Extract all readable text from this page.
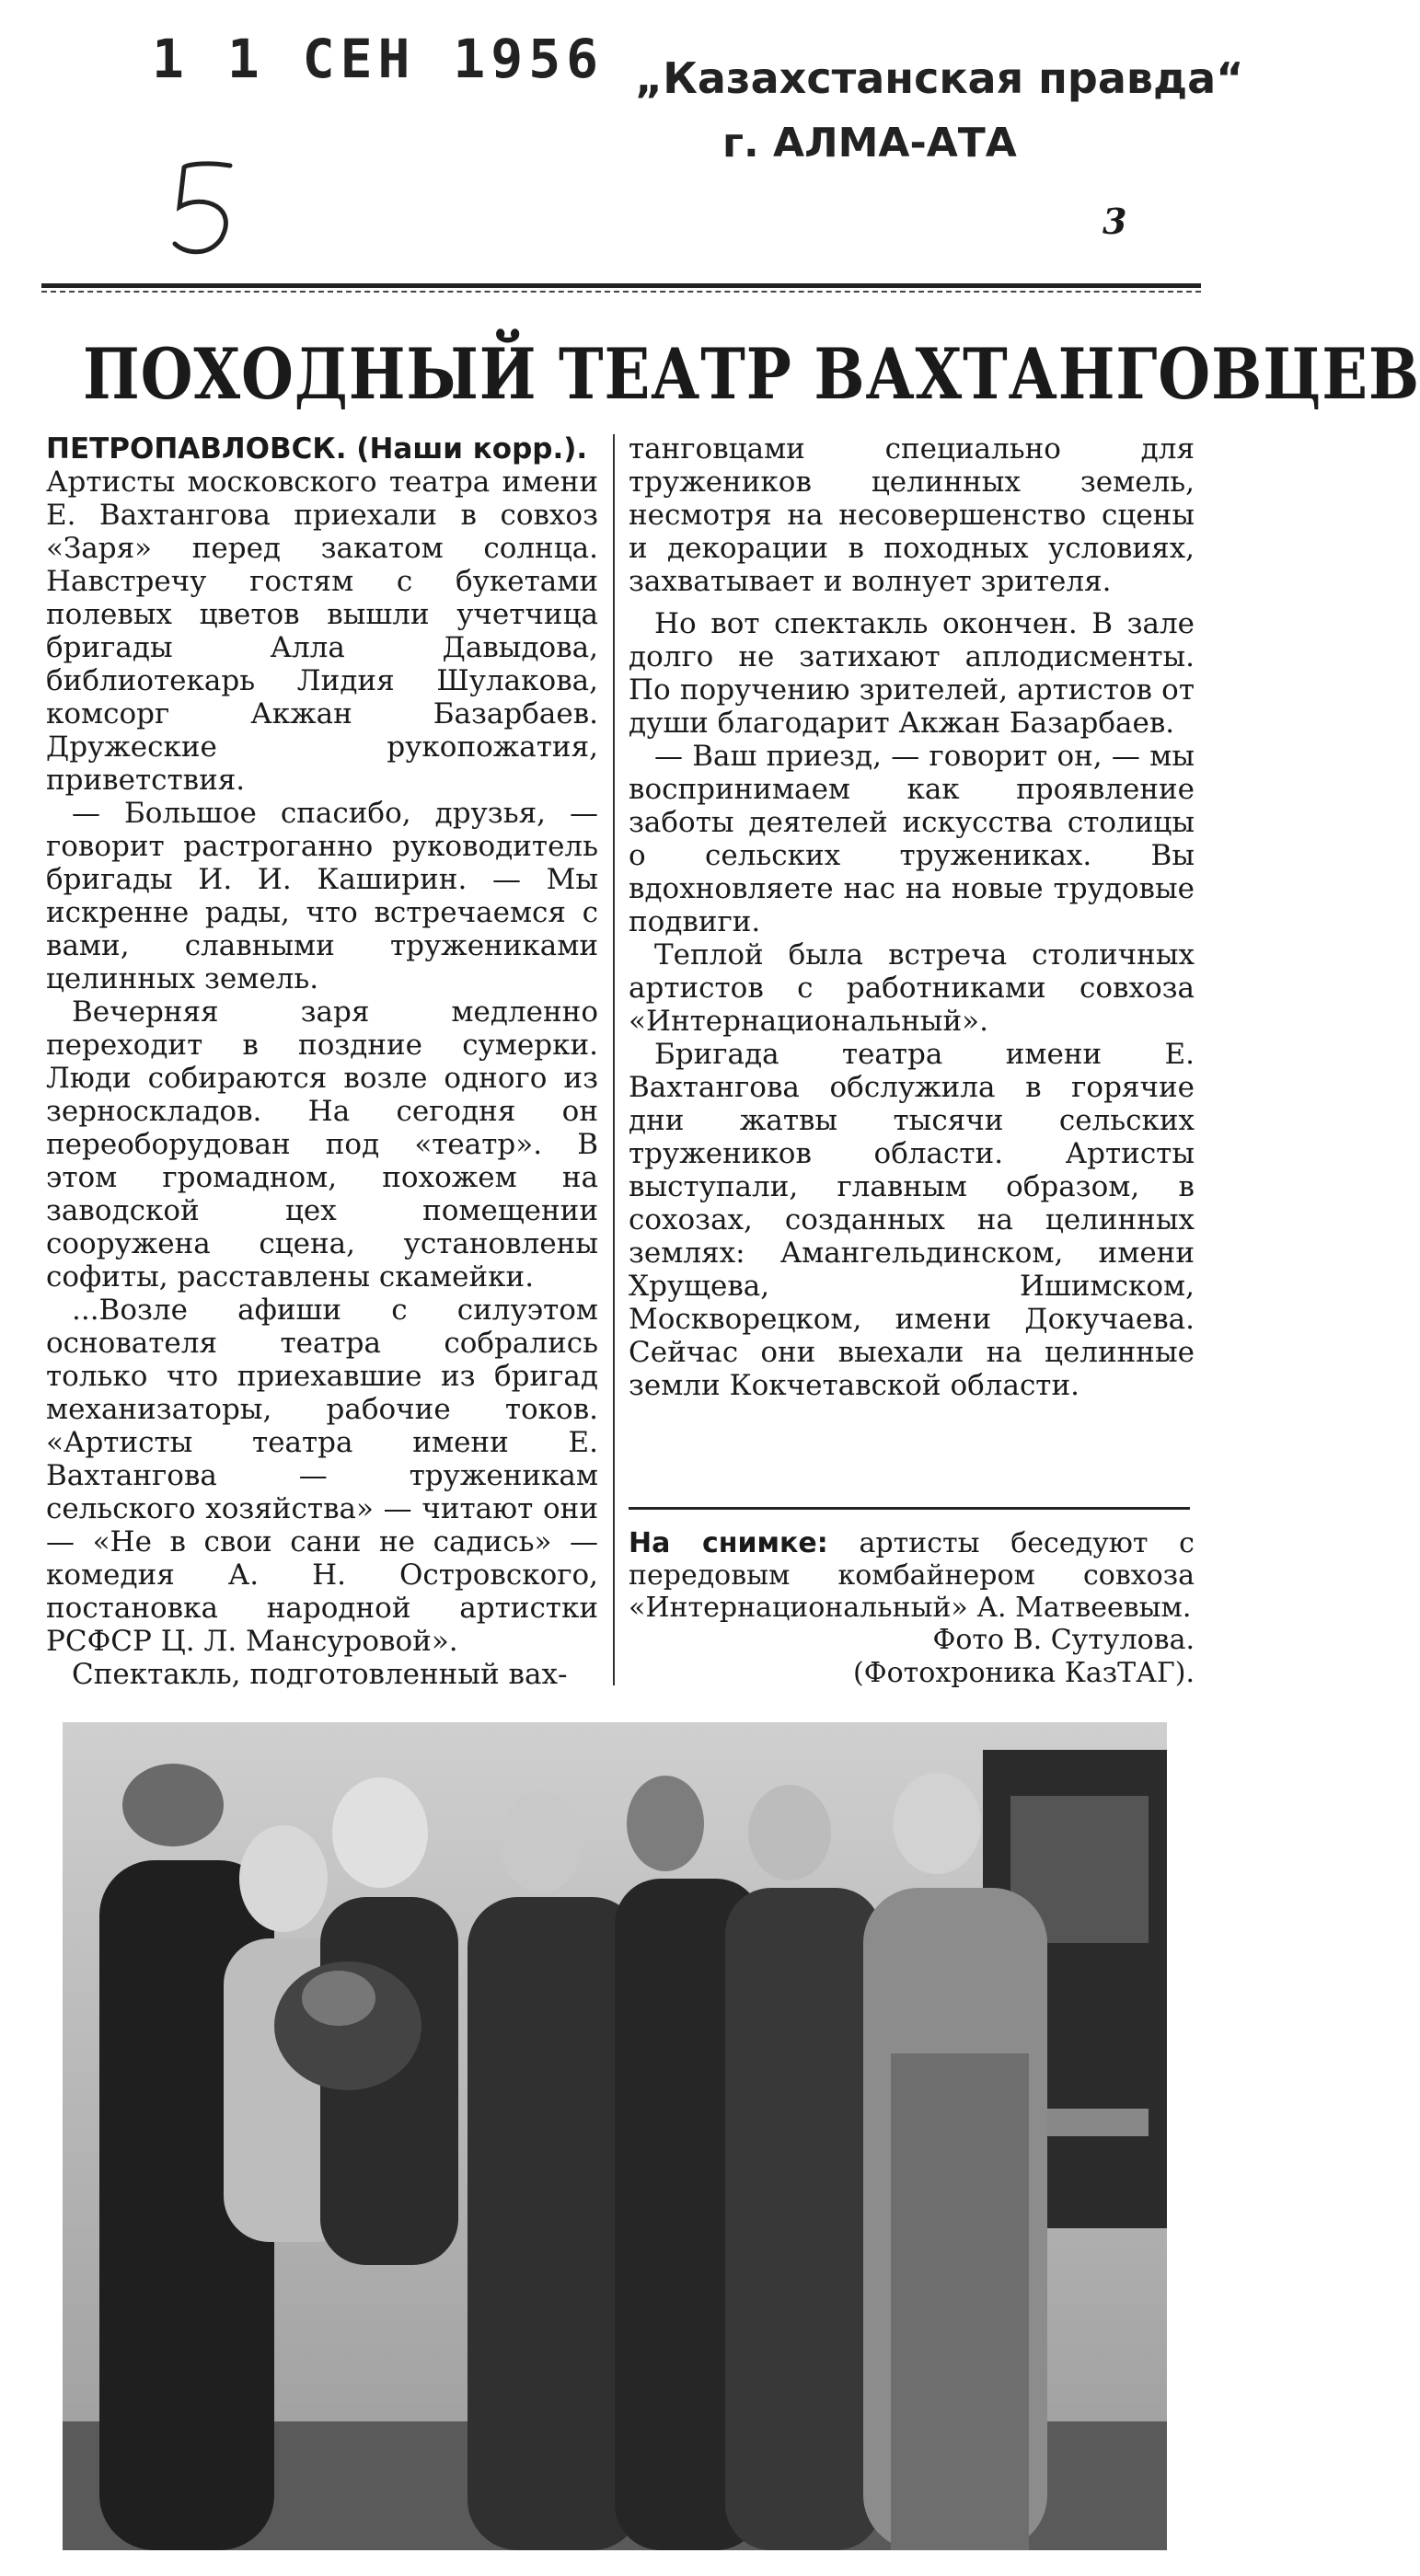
1 1 СЕН 1956 „Казахстанская правда“
г. АЛМА-АТА
3
ПОХОДНЫЙ ТЕАТР ВАХТАНГОВЦЕВ

ПЕТРОПАВЛОВСК. (Наши корр.).

Артисты московского театра имени Е. Вахтангова приехали в совхоз «Заря» перед закатом солнца. Навстречу гостям с букетами полевых цветов вышли учетчица бригады Алла Давыдова, библиотекарь Лидия Шулакова, комсорг Акжан Базарбаев. Дружеские рукопожатия, приветствия.

— Большое спасибо, друзья, — говорит растроганно руководитель бригады И. И. Каширин. — Мы искренне рады, что встречаемся с вами, славными тружениками целинных земель.

Вечерняя заря медленно переходит в поздние сумерки. Люди собираются возле одного из зерноскладов. На сегодня он переоборудован под «театр». В этом громадном, похожем на заводской цех помещении сооружена сцена, установлены софиты, расставлены скамейки.

...Возле афиши с силуэтом основателя театра собрались только что приехавшие из бригад механизаторы, рабочие токов. «Артисты театра имени Е. Вахтангова — труженикам сельского хозяйства» — читают они — «Не в свои сани не садись» — комедия А. Н. Островского, постановка народной артистки РСФСР Ц. Л. Мансуровой».

Спектакль, подготовленный вах-

танговцами специально для тружеников целинных земель, несмотря на несовершенство сцены и декорации в походных условиях, захватывает и волнует зрителя.

Но вот спектакль окончен. В зале долго не затихают аплодисменты. По поручению зрителей, артистов от души благодарит Акжан Базарбаев.

— Ваш приезд, — говорит он, — мы воспринимаем как проявление заботы деятелей искусства столицы о сельских тружениках. Вы вдохновляете нас на новые трудовые подвиги.

Теплой была встреча столичных артистов с работниками совхоза «Интернациональный».

Бригада театра имени Е. Вахтангова обслужила в горячие дни жатвы тысячи сельских тружеников области. Артисты выступали, главным образом, в сохозах, созданных на целинных землях: Амангельдинском, имени Хрущева, Ишимском, Москворецком, имени Докучаева. Сейчас они выехали на целинные земли Кокчетавской области.

На снимке: артисты беседуют с передовым комбайнером совхоза «Интернациональный» А. Матвеевым.
Фото В. Сутулова.
(Фотохроника КазТАГ).
